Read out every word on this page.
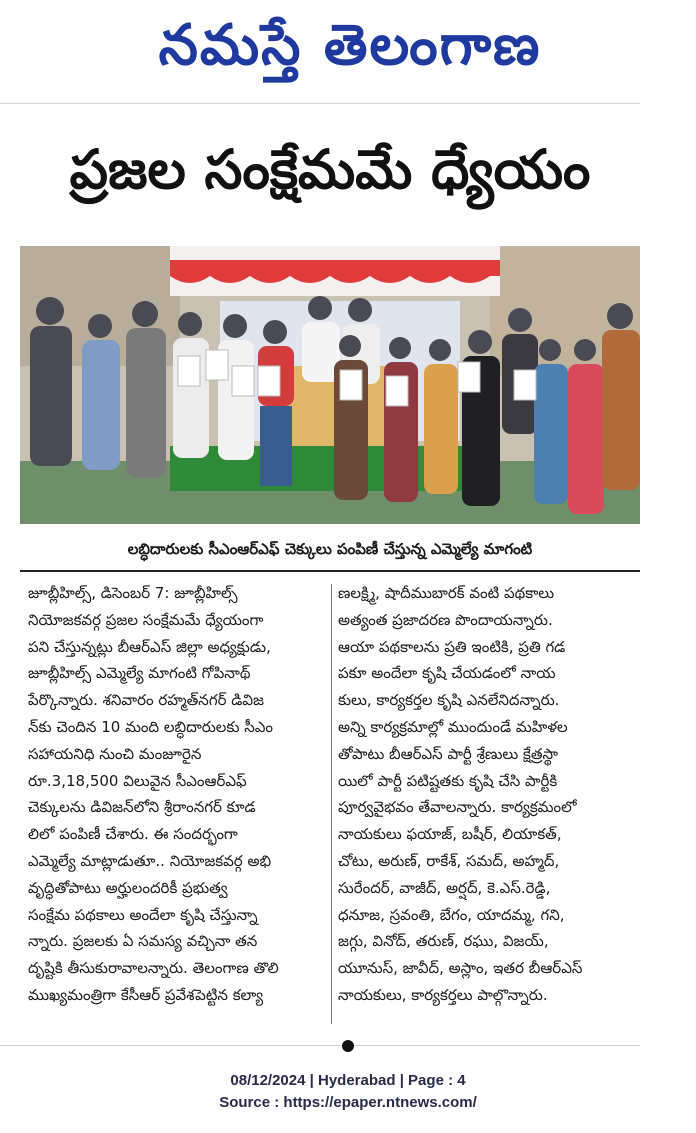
నమస్తే తెలంగాణ
ప్రజల సంక్షేమమే ధ్యేయం
లబ్ధిదారులకు సీఎంఆర్‌ఎఫ్‌ చెక్కులు పంపిణీ చేస్తున్న ఎమ్మెల్యే మాగంటి
జూబ్లీహిల్స్‌, డిసెంబర్‌ 7: జూబ్లీహిల్స్‌
నియోజకవర్గ ప్రజల సంక్షేమమే ధ్యేయంగా
పని చేస్తున్నట్లు బీఆర్‌ఎస్‌ జిల్లా అధ్యక్షుడు,
జూబ్లీహిల్స్‌ ఎమ్మెల్యే మాగంటి గోపినాథ్‌
పేర్కొన్నారు. శనివారం రహ్మత్‌నగర్‌ డివిజ
న్‌కు చెందిన 10 మంది లబ్ధిదారులకు సీఎం
సహాయనిధి నుంచి మంజూరైన
రూ.3,18,500 విలువైన సీఎంఆర్‌ఎఫ్‌
చెక్కులను డివిజన్‌లోని శ్రీరాంనగర్‌ కూడ
లిలో పంపిణీ చేశారు. ఈ సందర్భంగా
ఎమ్మెల్యే మాట్లాడుతూ.. నియోజకవర్గ అభి
వృద్ధితోపాటు అర్హులందరికీ ప్రభుత్వ
సంక్షేమ పథకాలు అందేలా కృషి చేస్తున్నా
న్నారు. ప్రజలకు ఏ సమస్య వచ్చినా తన
దృష్టికి తీసుకురావాలన్నారు. తెలంగాణ తొలి
ముఖ్యమంత్రిగా కేసీఆర్‌ ప్రవేశపెట్టిన కల్యా
ణలక్ష్మి, షాదీముబారక్‌ వంటి పథకాలు
అత్యంత ప్రజాదరణ పొందాయన్నారు.
ఆయా పథకాలను ప్రతి ఇంటికి, ప్రతి గడ
పకూ అందేలా కృషి చేయడంలో నాయ
కులు, కార్యకర్తల కృషి ఎనలేనిదన్నారు.
అన్ని కార్యక్రమాల్లో ముందుండే మహిళల
తోపాటు బీఆర్‌ఎస్‌ పార్టీ శ్రేణులు క్షేత్రస్థా
యిలో పార్టీ పటిష్టతకు కృషి చేసి పార్టీకి
పూర్వవైభవం తేవాలన్నారు. కార్యక్రమంలో
నాయకులు ఫయాజ్‌, బషీర్‌, లియాకత్‌,
చోటు, అరుణ్‌, రాకేశ్‌, సమద్‌, అహ్మద్‌,
సురేందర్‌, వాజీద్‌, అర్షద్‌, కె.ఎస్‌.రెడ్డి,
ధనూజ, స్రవంతి, బేగం, యాదమ్మ, గని,
జగ్గు, వినోద్‌, తరుణ్‌, రఘు, విజయ్‌,
యూనుస్‌, జావీద్‌, అస్లాం, ఇతర బీఆర్‌ఎస్‌
నాయకులు, కార్యకర్తలు పాల్గొన్నారు.
08/12/2024 | Hyderabad | Page : 4
Source : https://epaper.ntnews.com/
